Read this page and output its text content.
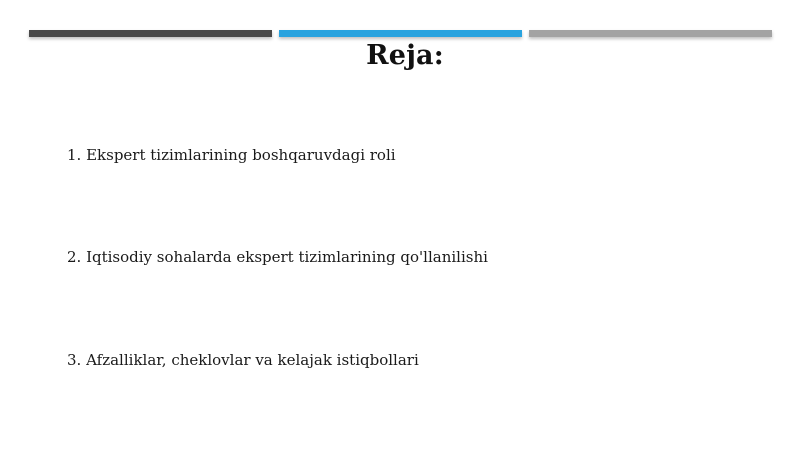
Reja:
1. Ekspert tizimlarining boshqaruvdagi roli
2. Iqtisodiy sohalarda ekspert tizimlarining qo'llanilishi
3. Afzalliklar, cheklovlar va kelajak istiqbollari
